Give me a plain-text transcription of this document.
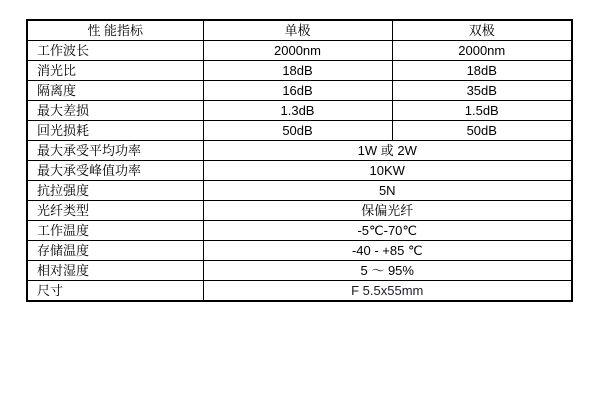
性 能指标	单极	双极
工作波长	2000nm	2000nm
消光比	18dB	18dB
隔离度	16dB	35dB
最大差损	1.3dB	1.5dB
回光损耗	50dB	50dB
最大承受平均功率	1W 或 2W	
最大承受峰值功率	10KW	
抗拉强度	5N	
光纤类型	保偏光纤	
工作温度	-5℃-70℃	
存储温度	-40 - +85 ℃	
相对湿度	5 ～ 95%	
尺寸	F 5.5x55mm	
